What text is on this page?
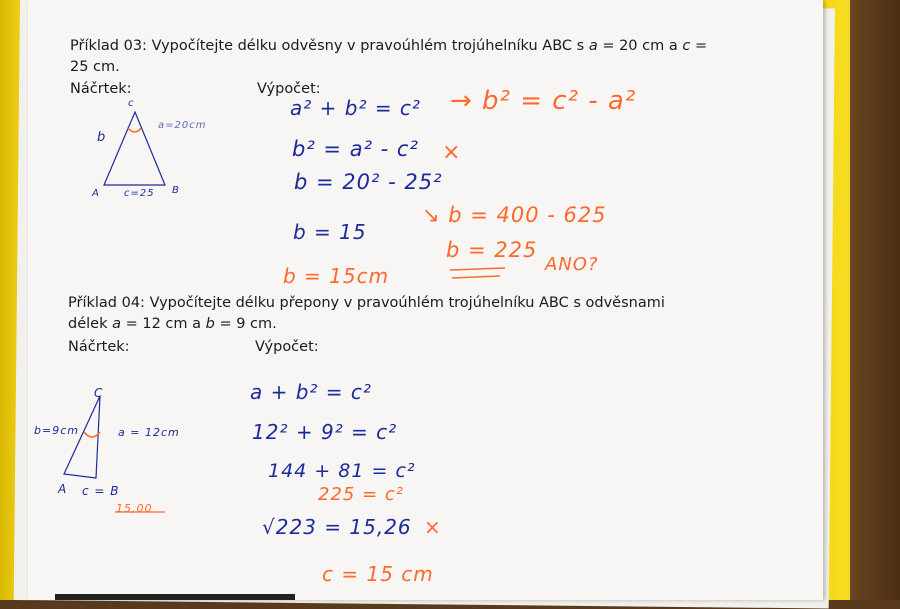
Příklad 03: Vypočítejte délku odvěsny v pravoúhlém trojúhelníku ABC s a = 20 cm a c =
25 cm.
Náčrtek:	Výpočet:
c
b
a=20cm
A c=25 B
a² + b² = c²
b² = a² - c²
b = 20² - 25²
b = 15
→ b² = c² - a²
×
↘ b = 400 - 625
b = 225
ANO?
b = 15cm
Příklad 04: Vypočítejte délku přepony v pravoúhlém trojúhelníku ABC s odvěsnami
délek a = 12 cm a b = 9 cm.
Náčrtek:	Výpočet:
C
b=9cm	a = 12cm
A c = B
15,00
a + b² = c²
12² + 9² = c²
144 + 81 = c²
√223 = 15,26
225 = c²
×
c = 15 cm
